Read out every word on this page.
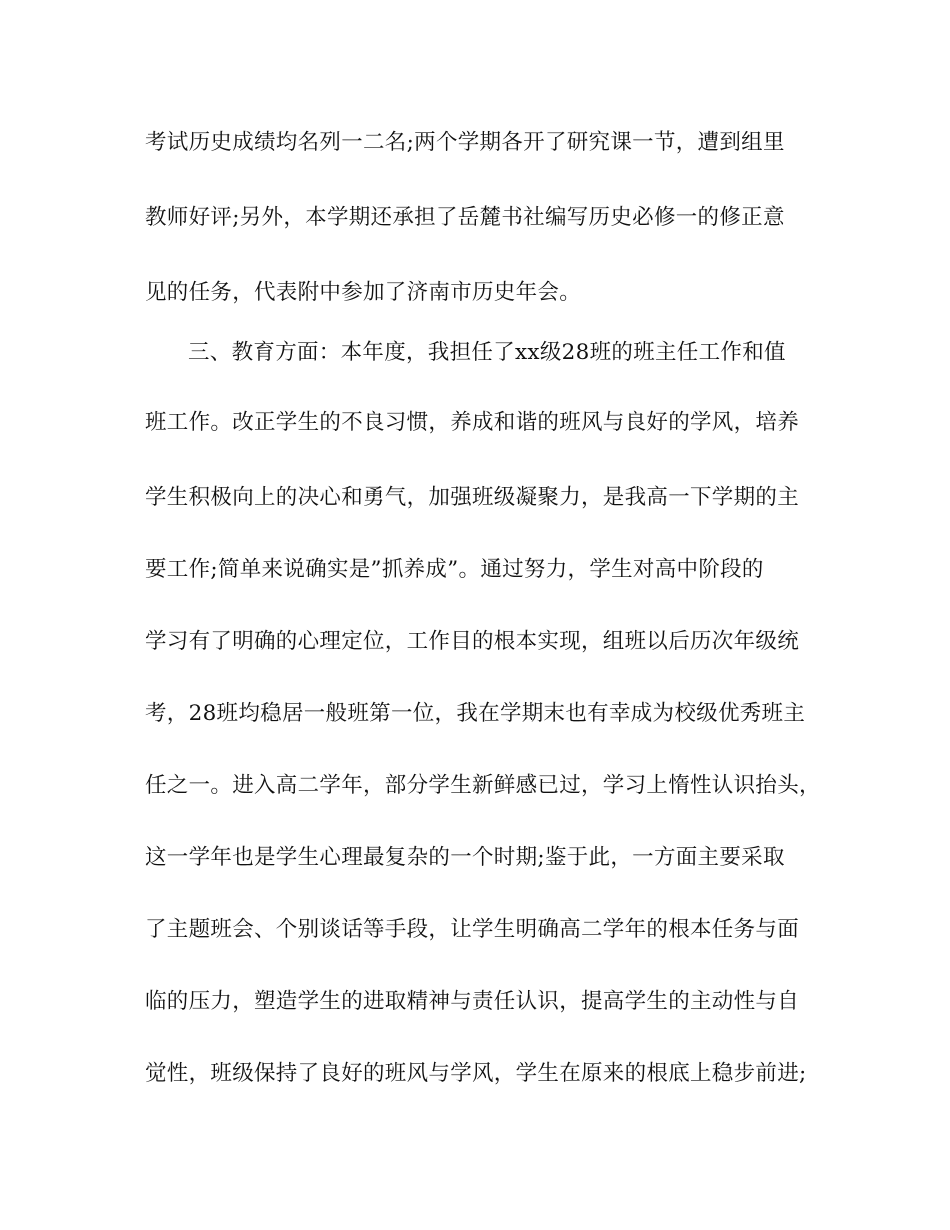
考试历史成绩均名列一二名;两个学期各开了研究课一节，遭到组里
教师好评;另外，本学期还承担了岳麓书社编写历史必修一的修正意
见的任务，代表附中参加了济南市历史年会。
三、教育方面：本年度，我担任了xx级28班的班主任工作和值
班工作。改正学生的不良习惯，养成和谐的班风与良好的学风，培养
学生积极向上的决心和勇气，加强班级凝聚力，是我高一下学期的主
要工作;简单来说确实是”抓养成”。通过努力，学生对高中阶段的
学习有了明确的心理定位，工作目的根本实现，组班以后历次年级统
考，28班均稳居一般班第一位，我在学期末也有幸成为校级优秀班主
任之一。进入高二学年，部分学生新鲜感已过，学习上惰性认识抬头，
这一学年也是学生心理最复杂的一个时期;鉴于此，一方面主要采取
了主题班会、个别谈话等手段，让学生明确高二学年的根本任务与面
临的压力，塑造学生的进取精神与责任认识，提高学生的主动性与自
觉性，班级保持了良好的班风与学风，学生在原来的根底上稳步前进;
